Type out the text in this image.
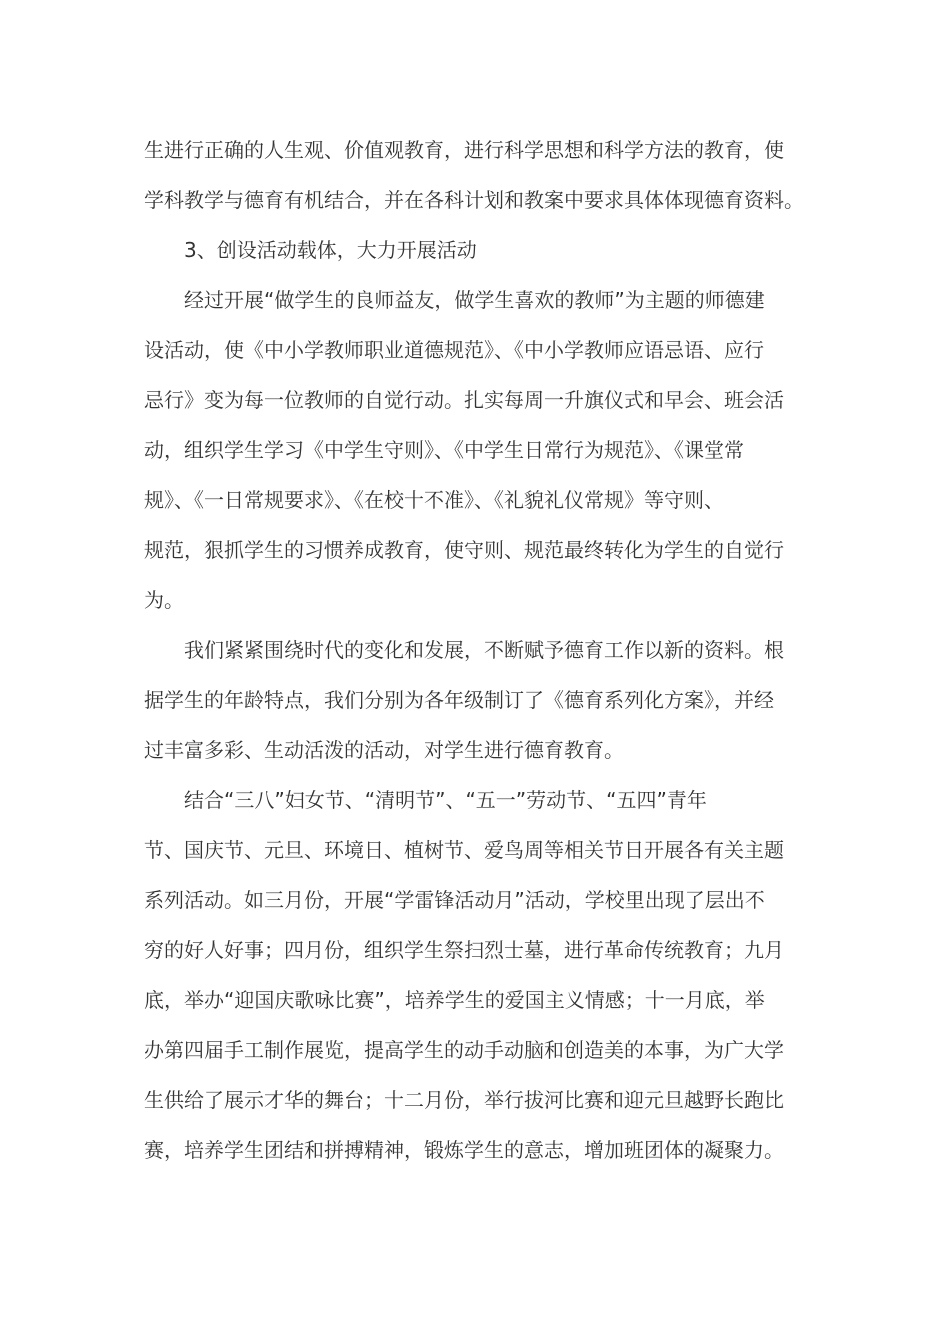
生进行正确的人生观、价值观教育，进行科学思想和科学方法的教育，使
学科教学与德育有机结合，并在各科计划和教案中要求具体体现德育资料。
3、创设活动载体，大力开展活动
经过开展“做学生的良师益友，做学生喜欢的教师”为主题的师德建
设活动，使《中小学教师职业道德规范》、《中小学教师应语忌语、应行
忌行》变为每一位教师的自觉行动。扎实每周一升旗仪式和早会、班会活
动，组织学生学习《中学生守则》、《中学生日常行为规范》、《课堂常
规》、《一日常规要求》、《在校十不准》、《礼貌礼仪常规》等守则、
规范，狠抓学生的习惯养成教育，使守则、规范最终转化为学生的自觉行
为。
我们紧紧围绕时代的变化和发展，不断赋予德育工作以新的资料。根
据学生的年龄特点，我们分别为各年级制订了《德育系列化方案》，并经
过丰富多彩、生动活泼的活动，对学生进行德育教育。
结合“三八”妇女节、“清明节”、“五一”劳动节、“五四”青年
节、国庆节、元旦、环境日、植树节、爱鸟周等相关节日开展各有关主题
系列活动。如三月份，开展“学雷锋活动月”活动，学校里出现了层出不
穷的好人好事；四月份，组织学生祭扫烈士墓，进行革命传统教育；九月
底，举办“迎国庆歌咏比赛”，培养学生的爱国主义情感；十一月底，举
办第四届手工制作展览，提高学生的动手动脑和创造美的本事，为广大学
生供给了展示才华的舞台；十二月份，举行拔河比赛和迎元旦越野长跑比
赛，培养学生团结和拼搏精神，锻炼学生的意志，增加班团体的凝聚力。
